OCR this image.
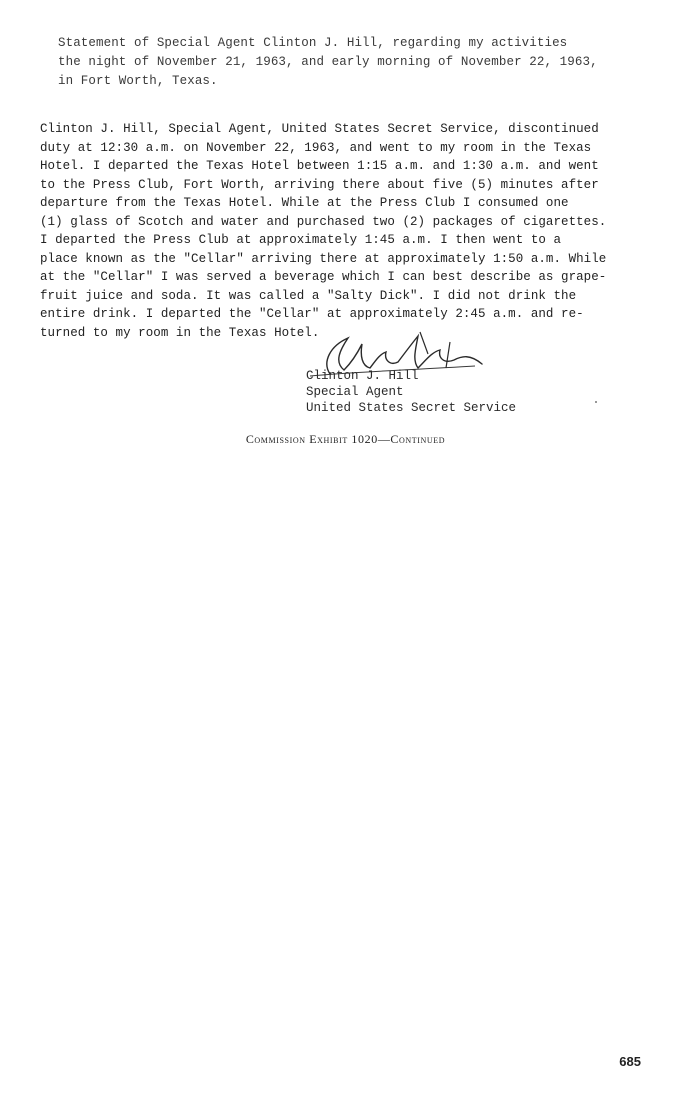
Statement of Special Agent Clinton J. Hill, regarding my activities
the night of November 21, 1963, and early morning of November 22, 1963,
in Fort Worth, Texas.
Clinton J. Hill, Special Agent, United States Secret Service, discontinued
duty at 12:30 a.m. on November 22, 1963, and went to my room in the Texas
Hotel. I departed the Texas Hotel between 1:15 a.m. and 1:30 a.m. and went
to the Press Club, Fort Worth, arriving there about five (5) minutes after
departure from the Texas Hotel. While at the Press Club I consumed one
(1) glass of Scotch and water and purchased two (2) packages of cigarettes.
I departed the Press Club at approximately 1:45 a.m. I then went to a
place known as the "Cellar" arriving there at approximately 1:50 a.m. While
at the "Cellar" I was served a beverage which I can best describe as grape-
fruit juice and soda. It was called a "Salty Dick". I did not drink the
entire drink. I departed the "Cellar" at approximately 2:45 a.m. and re-
turned to my room in the Texas Hotel.
Clinton J. Hill
Special Agent
United States Secret Service
Commission Exhibit 1020—Continued
685
